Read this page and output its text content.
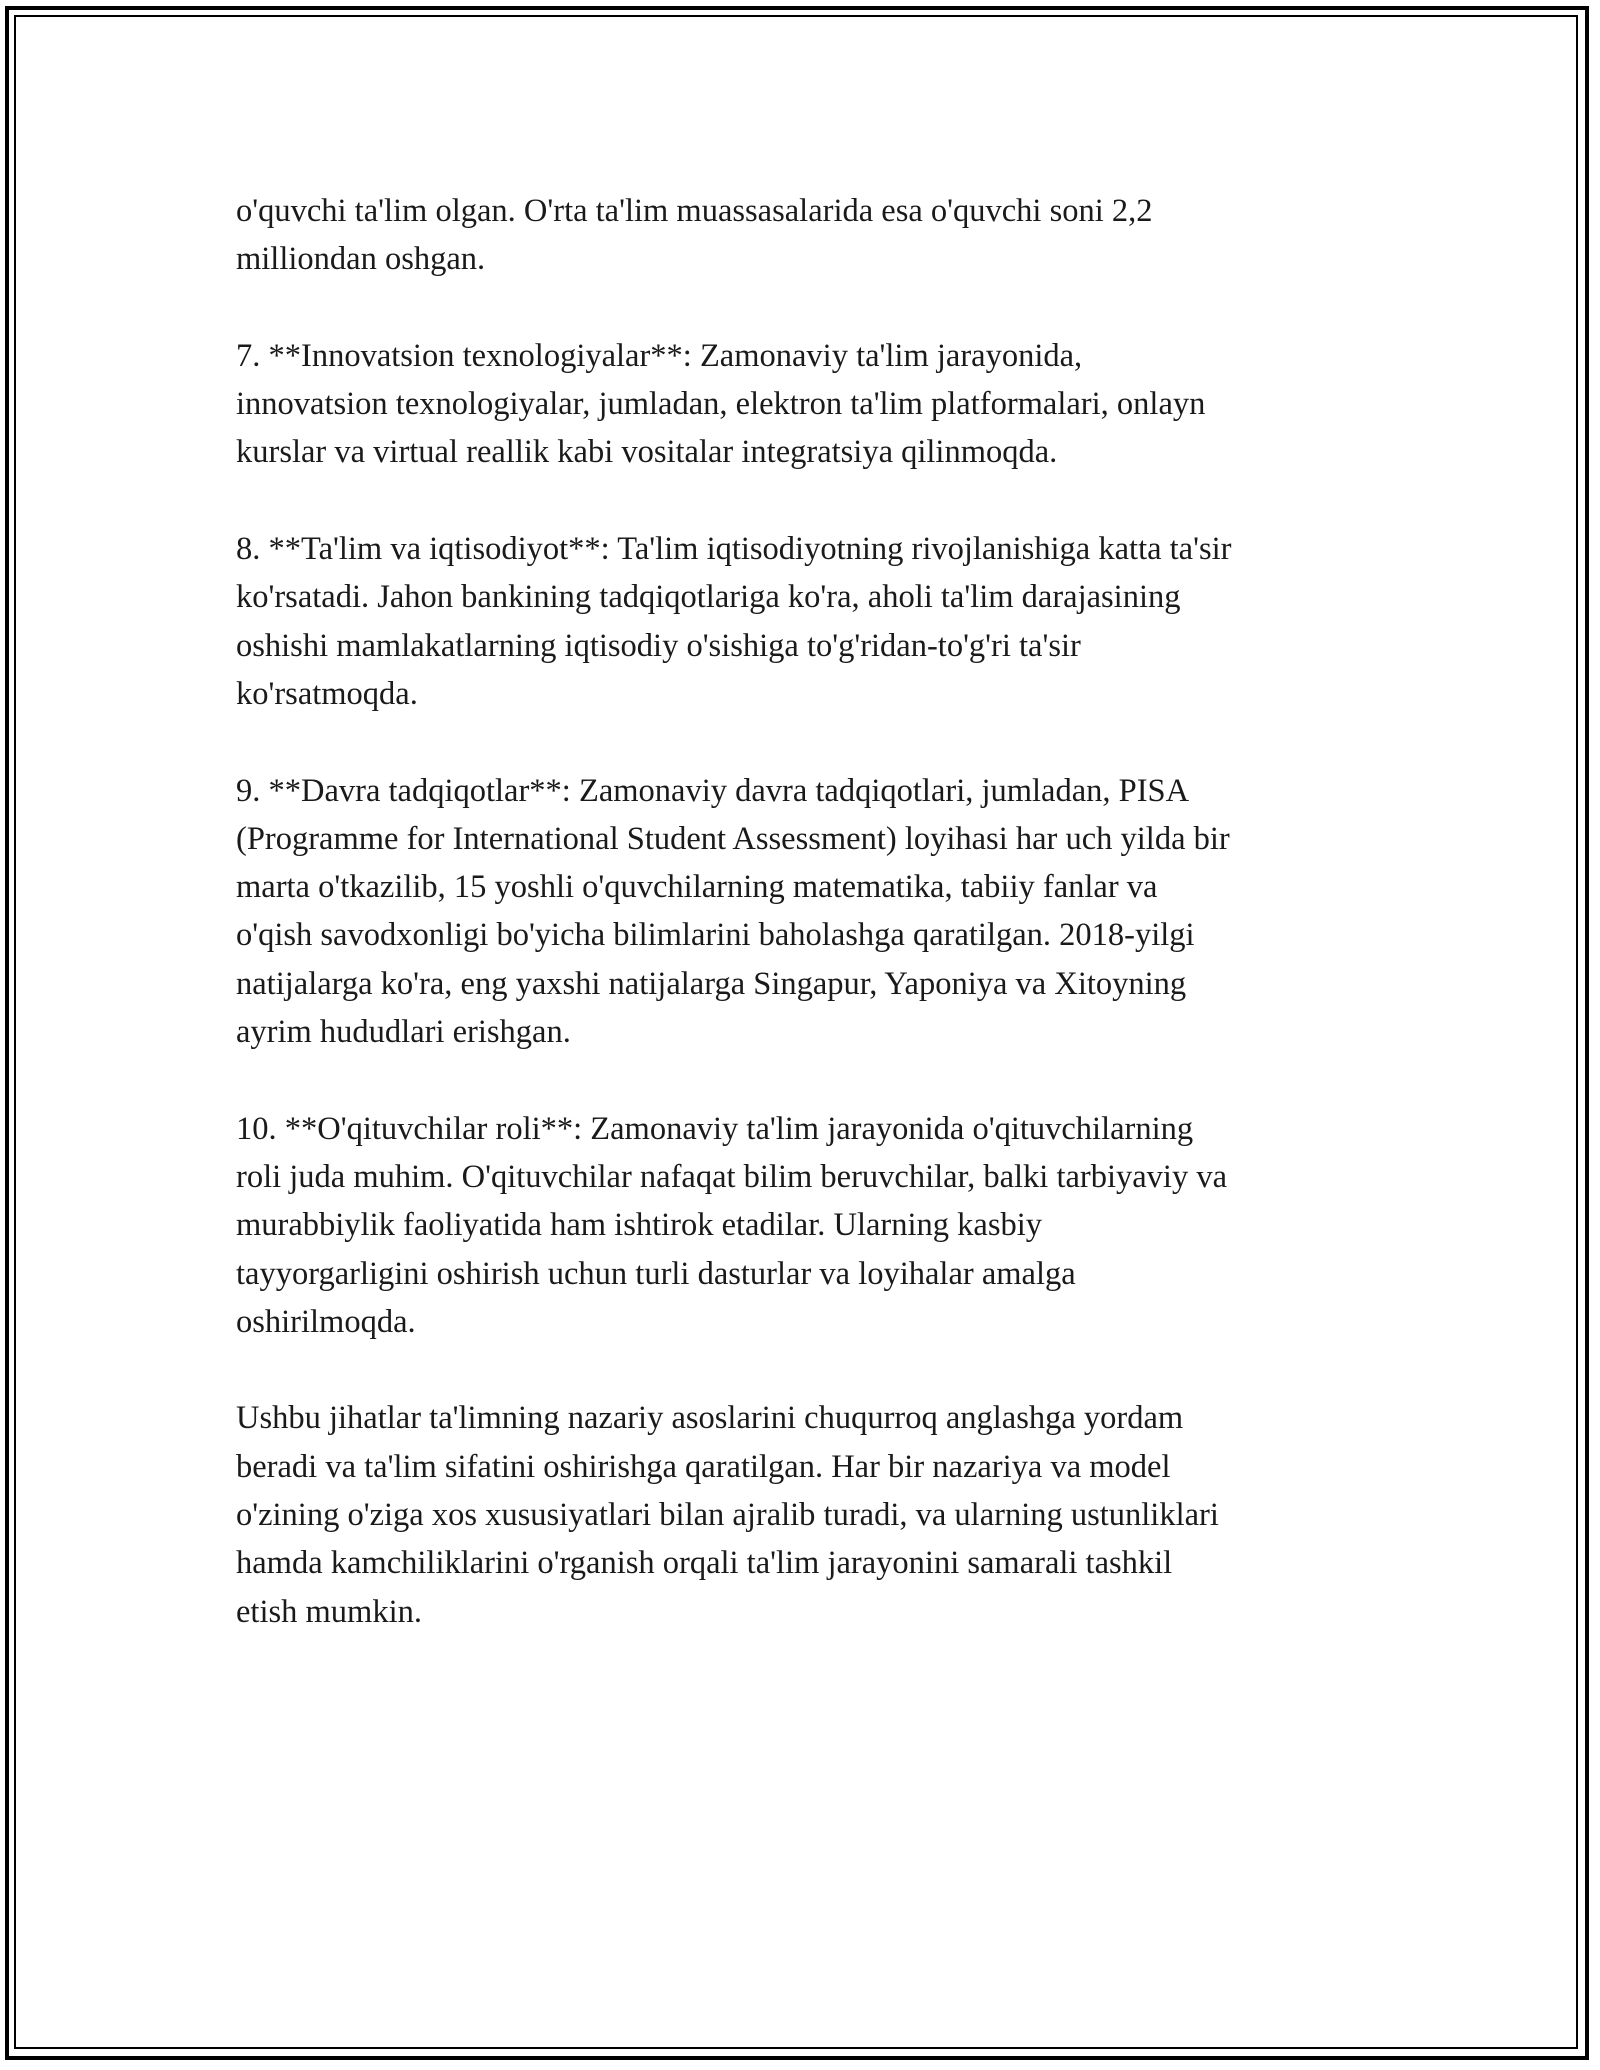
o'quvchi ta'lim olgan. O'rta ta'lim muassasalarida esa o'quvchi soni 2,2
milliondan oshgan.

7. **Innovatsion texnologiyalar**: Zamonaviy ta'lim jarayonida,
innovatsion texnologiyalar, jumladan, elektron ta'lim platformalari, onlayn
kurslar va virtual reallik kabi vositalar integratsiya qilinmoqda.

8. **Ta'lim va iqtisodiyot**: Ta'lim iqtisodiyotning rivojlanishiga katta ta'sir
ko'rsatadi. Jahon bankining tadqiqotlariga ko'ra, aholi ta'lim darajasining
oshishi mamlakatlarning iqtisodiy o'sishiga to'g'ridan-to'g'ri ta'sir
ko'rsatmoqda.

9. **Davra tadqiqotlar**: Zamonaviy davra tadqiqotlari, jumladan, PISA
(Programme for International Student Assessment) loyihasi har uch yilda bir
marta o'tkazilib, 15 yoshli o'quvchilarning matematika, tabiiy fanlar va
o'qish savodxonligi bo'yicha bilimlarini baholashga qaratilgan. 2018-yilgi
natijalarga ko'ra, eng yaxshi natijalarga Singapur, Yaponiya va Xitoyning
ayrim hududlari erishgan.

10. **O'qituvchilar roli**: Zamonaviy ta'lim jarayonida o'qituvchilarning
roli juda muhim. O'qituvchilar nafaqat bilim beruvchilar, balki tarbiyaviy va
murabbiylik faoliyatida ham ishtirok etadilar. Ularning kasbiy
tayyorgarligini oshirish uchun turli dasturlar va loyihalar amalga
oshirilmoqda.

Ushbu jihatlar ta'limning nazariy asoslarini chuqurroq anglashga yordam
beradi va ta'lim sifatini oshirishga qaratilgan. Har bir nazariya va model
o'zining o'ziga xos xususiyatlari bilan ajralib turadi, va ularning ustunliklari
hamda kamchiliklarini o'rganish orqali ta'lim jarayonini samarali tashkil
etish mumkin.
